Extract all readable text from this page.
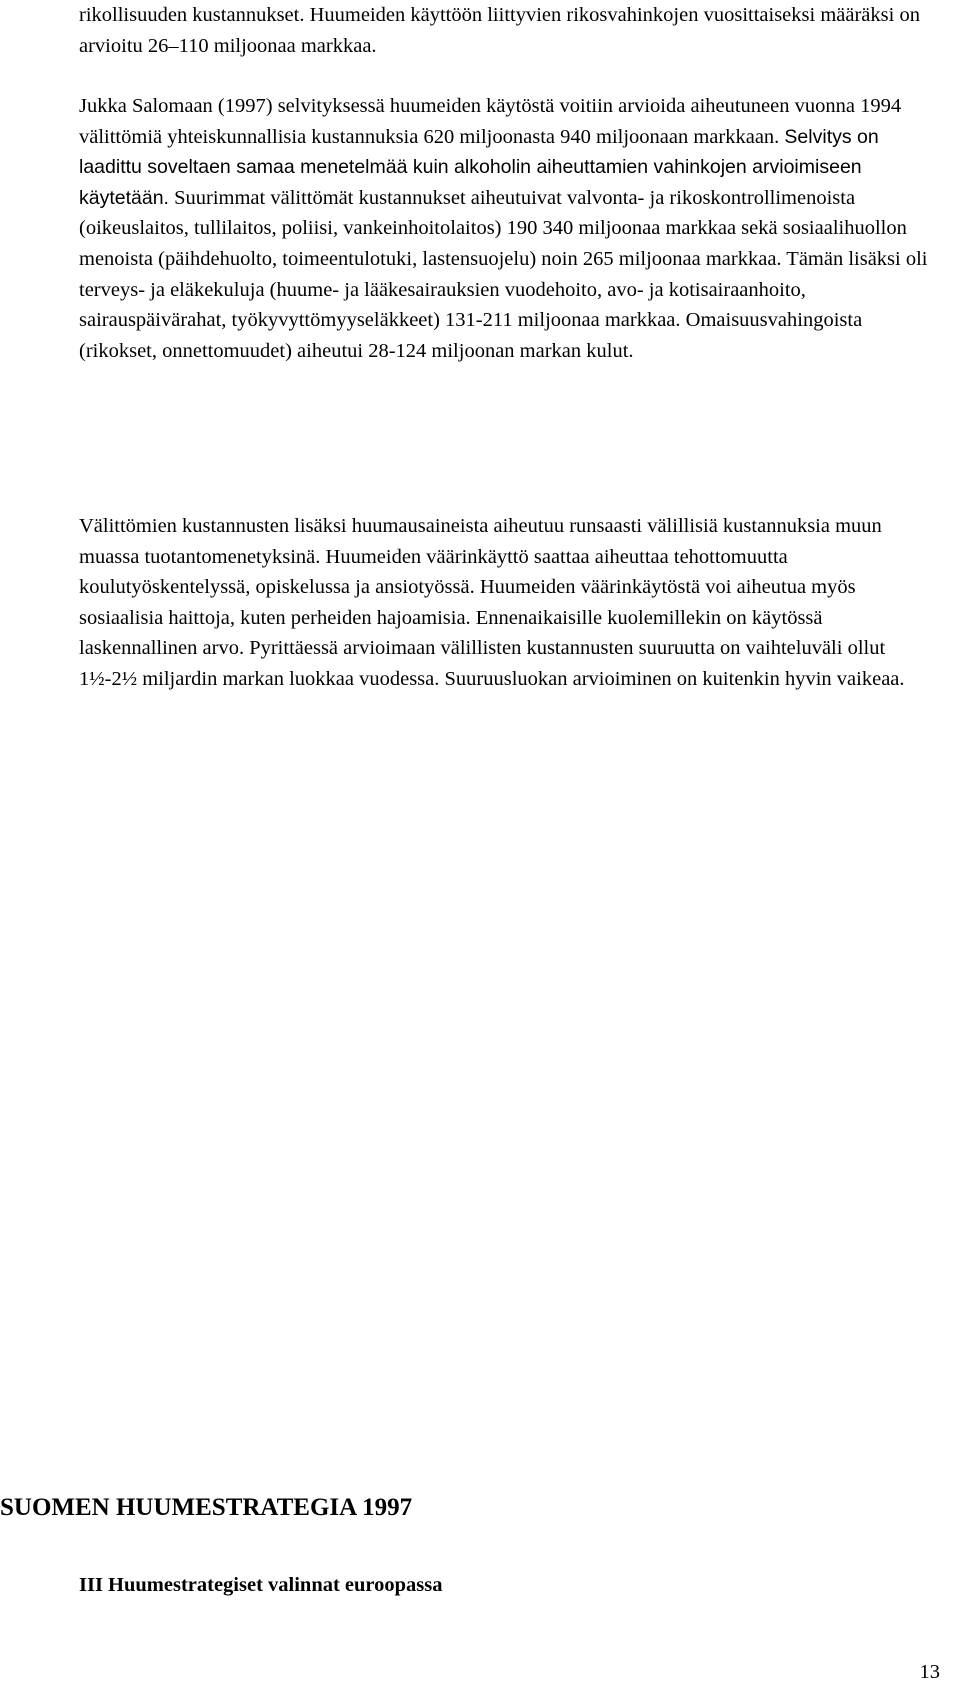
rikollisuuden kustannukset. Huumeiden käyttöön liittyvien rikosvahinkojen vuosittaiseksi määräksi on arvioitu 26–110 miljoonaa markkaa.

Jukka Salomaan (1997) selvityksessä huumeiden käytöstä voitiin arvioida aiheutuneen vuonna 1994 välittömiä yhteiskunnallisia kustannuksia 620 miljoonasta 940 miljoonaan markkaan. Selvitys on laadittu soveltaen samaa menetelmää kuin alkoholin aiheuttamien vahinkojen arvioimiseen käytetään. Suurimmat välittömät kustannukset aiheutuivat valvonta- ja rikoskontrollimenoista (oikeuslaitos, tullilaitos, poliisi, vankeinhoitolaitos) 190 340 miljoonaa markkaa sekä sosiaalihuollon menoista (päihdehuolto, toimeentulotuki, lastensuojelu) noin 265 miljoonaa markkaa. Tämän lisäksi oli terveys- ja eläkekuluja (huume- ja lääkesairauksien vuodehoito, avo- ja kotisairaanhoito, sairauspäivärahat, työkyvyttömyyseläkkeet) 131-211 miljoonaa markkaa. Omaisuusvahingoista (rikokset, onnettomuudet) aiheutui 28-124 miljoonan markan kulut.

Välittömien kustannusten lisäksi huumausaineista aiheutuu runsaasti välillisiä kustannuksia muun muassa tuotantomenetyksinä. Huumeiden väärinkäyttö saattaa aiheuttaa tehottomuutta koulutyöskentelyssä, opiskelussa ja ansiotyössä. Huumeiden väärinkäytöstä voi aiheutua myös sosiaalisia haittoja, kuten perheiden hajoamisia. Ennenaikaisille kuolemillekin on käytössä laskennallinen arvo. Pyrittäessä arvioimaan välillisten kustannusten suuruutta on vaihteluväli ollut 1½-2½ miljardin markan luokkaa vuodessa. Suuruusluokan arvioiminen on kuitenkin hyvin vaikeaa.

SUOMEN HUUMESTRATEGIA 1997
III Huumestrategiset valinnat euroopassa

13
